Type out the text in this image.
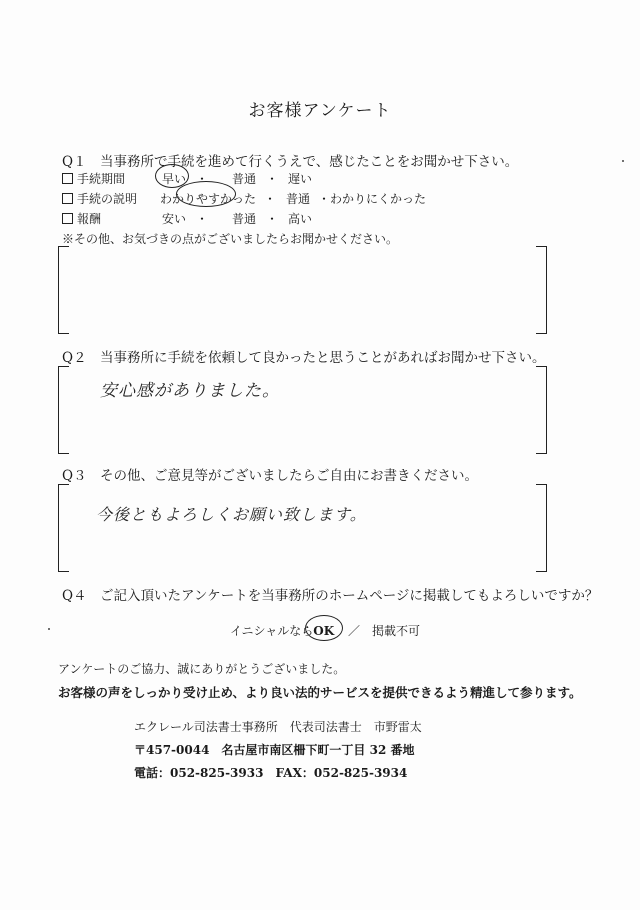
お客様アンケート
Q１ 当事務所で手続を進めて行くうえで、感じたことをお聞かせ下さい。
手続期間	早い ・ 普通 ・ 遅い
手続の説明 わかりやすかった ・ 普通 ・わかりにくかった
報酬	安い ・ 普通 ・ 高い
※その他、お気づきの点がございましたらお聞かせください。
Q２ 当事務所に手続を依頼して良かったと思うことがあればお聞かせ下さい。
安心感がありました。
Q３ その他、ご意見等がございましたらご自由にお書きください。
今後ともよろしくお願い致します。
Q４ ご記入頂いたアンケートを当事務所のホームページに掲載してもよろしいですか？
イニシャルならOK ／ 掲載不可
アンケートのご協力、誠にありがとうございました。
お客様の声をしっかり受け止め、より良い法的サービスを提供できるよう精進して参ります。
エクレール司法書士事務所　代表司法書士　市野雷太
〒457-0044　名古屋市南区柵下町一丁目 32 番地
電話：052-825-3933　FAX：052-825-3934
